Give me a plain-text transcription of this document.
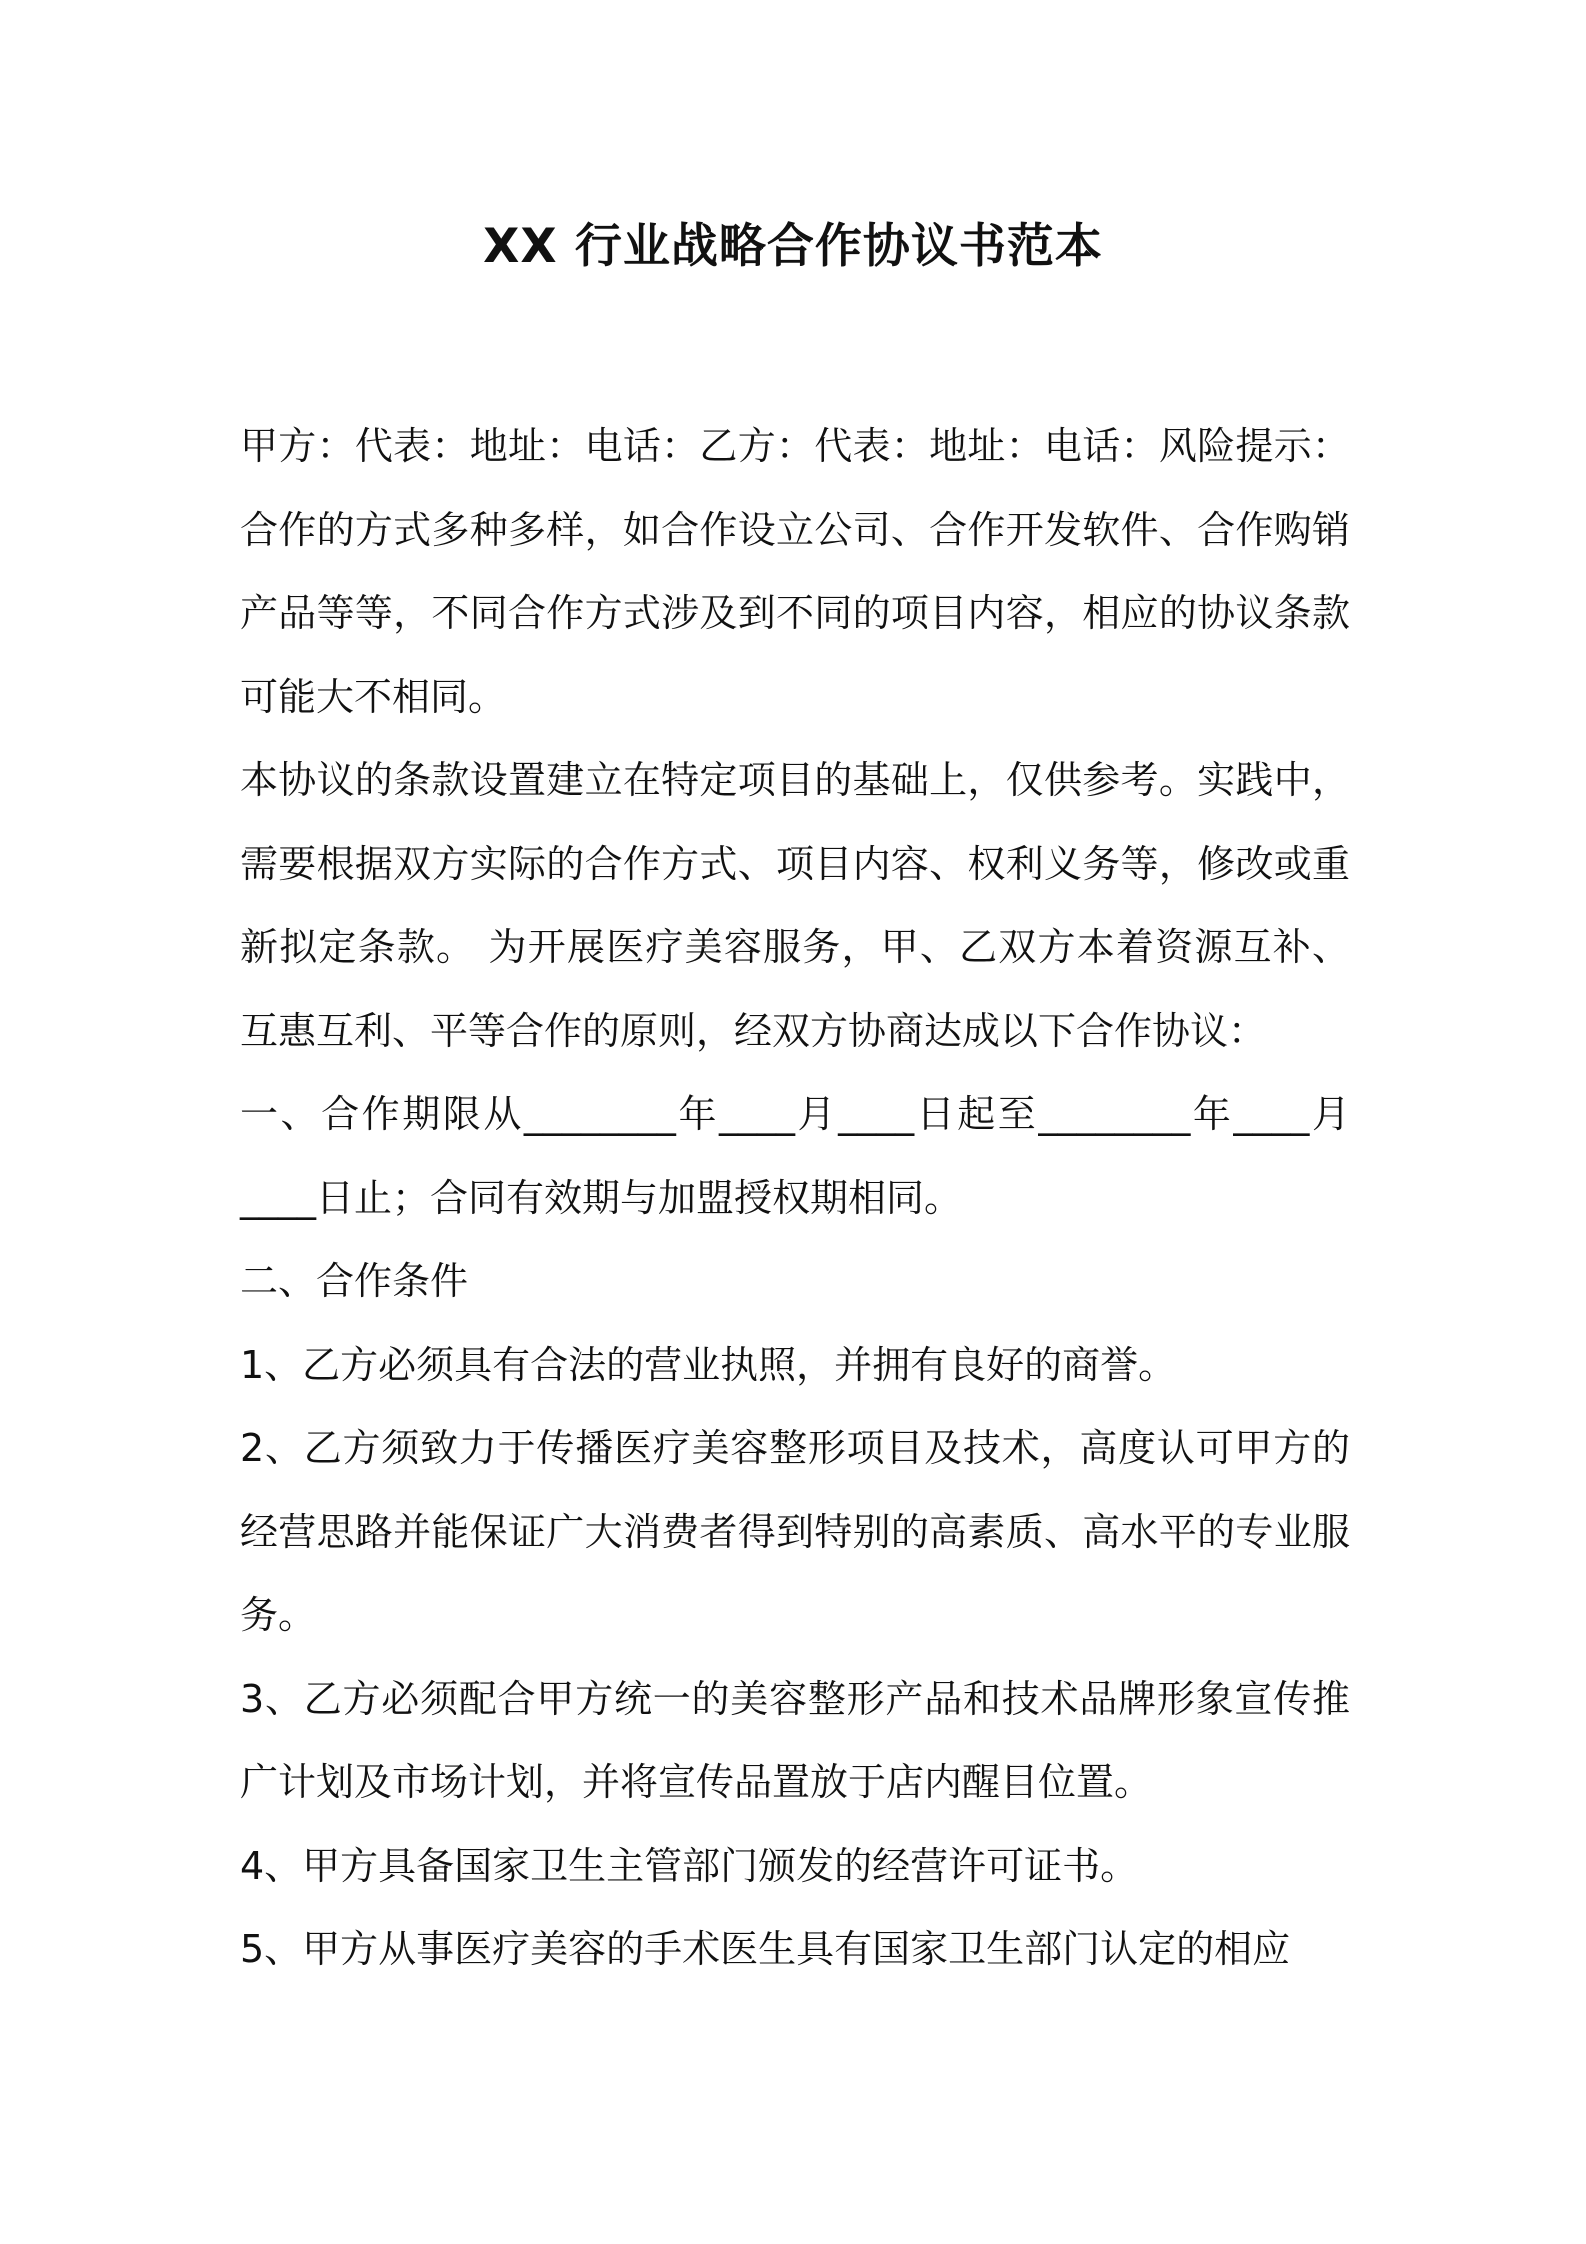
XX 行业战略合作协议书范本

甲方：代表：地址：电话：乙方：代表：地址：电话：风险提示：合作的方式多种多样，如合作设立公司、合作开发软件、合作购销产品等等，不同合作方式涉及到不同的项目内容，相应的协议条款可能大不相同。

本协议的条款设置建立在特定项目的基础上，仅供参考。实践中，需要根据双方实际的合作方式、项目内容、权利义务等，修改或重新拟定条款。 为开展医疗美容服务，甲、乙双方本着资源互补、互惠互利、平等合作的原则，经双方协商达成以下合作协议：

一、合作期限从________年____月____日起至________年____月____日止；合同有效期与加盟授权期相同。

二、合作条件

1、乙方必须具有合法的营业执照，并拥有良好的商誉。

2、乙方须致力于传播医疗美容整形项目及技术，高度认可甲方的经营思路并能保证广大消费者得到特别的高素质、高水平的专业服务。

3、乙方必须配合甲方统一的美容整形产品和技术品牌形象宣传推广计划及市场计划，并将宣传品置放于店内醒目位置。

4、甲方具备国家卫生主管部门颁发的经营许可证书。

5、甲方从事医疗美容的手术医生具有国家卫生部门认定的相应
